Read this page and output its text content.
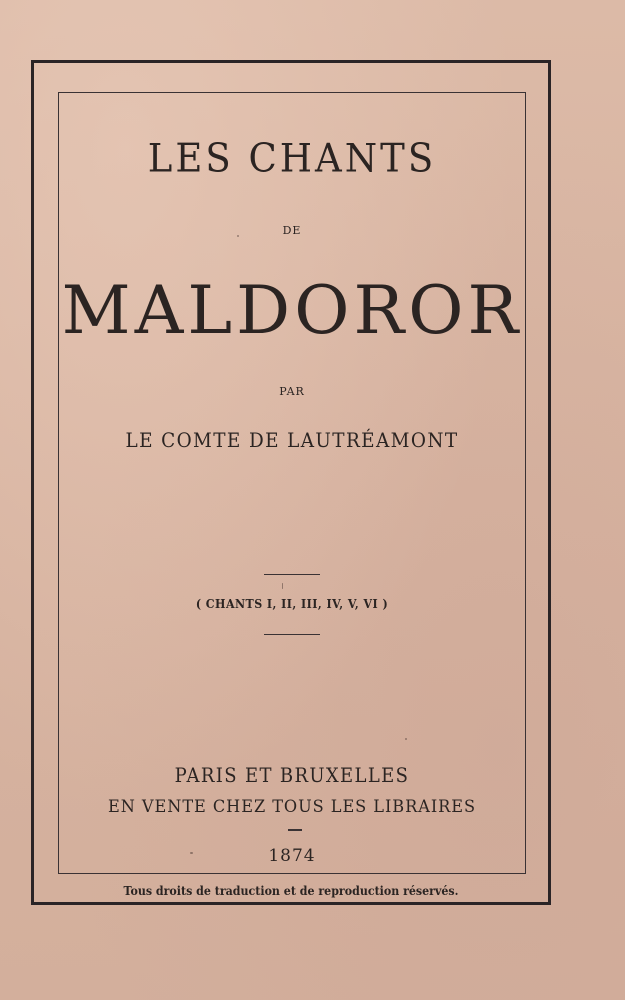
LES CHANTS
DE
MALDOROR
PAR
LE COMTE DE LAUTRÉAMONT
( CHANTS I, II, III, IV, V, VI )
PARIS ET BRUXELLES
EN VENTE CHEZ TOUS LES LIBRAIRES
1874
Tous droits de traduction et de reproduction réservés.
